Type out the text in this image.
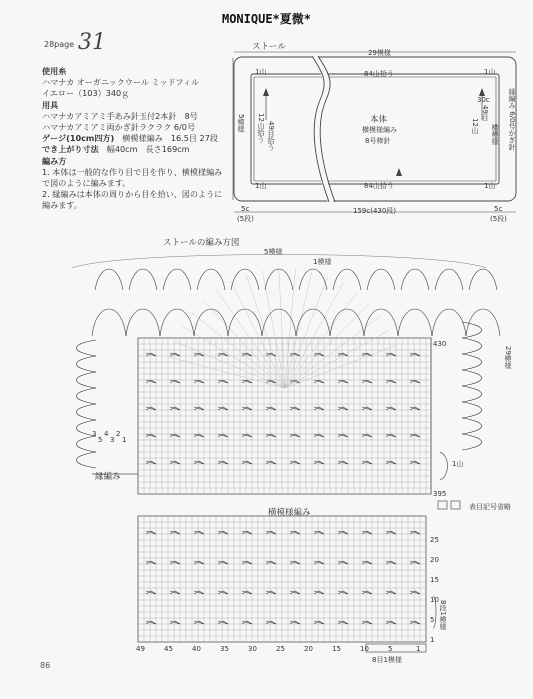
MONIQUE*夏微*
28page 31
使用糸
ハマナカ オーガニックウール ミッドフィル
イエロー（103）340ｇ
用具
ハマナカアミアミ手あみ針玉付2本針　8号
ハマナカアミアミ両かぎ針ラクラク 6/0号
ゲージ(10cm四方)　横模様編み　16.5目 27段
でき上がり寸法　幅40cm　長さ169cm
編み方
1. 本体は一般的な作り目で目を作り、横模様編み
で図のように編みます。
2. 縁編みは本体の周りから目を拾い、図のように
編みます。
ストール
29模様
1山	84山拾う	1山
1山	84山拾う	1山
5模様 12山拾う 49目拾う
本体
横模様編み
8号棒針
30c
49目
12山 横模様 縁編み 6/0号かぎ針
5c
(5段)
159c(430段)	5c
(5段)
ストールの編み方図
5模様
1模様
29模様
430
395
縁編み
1山
表目記号省略
横模様編み
8段1模様
8目1模様
3
5
4
3
2
1
25
20
15
10
5
1
49	45	40	35	30	25	20	15	10	5	1
86
